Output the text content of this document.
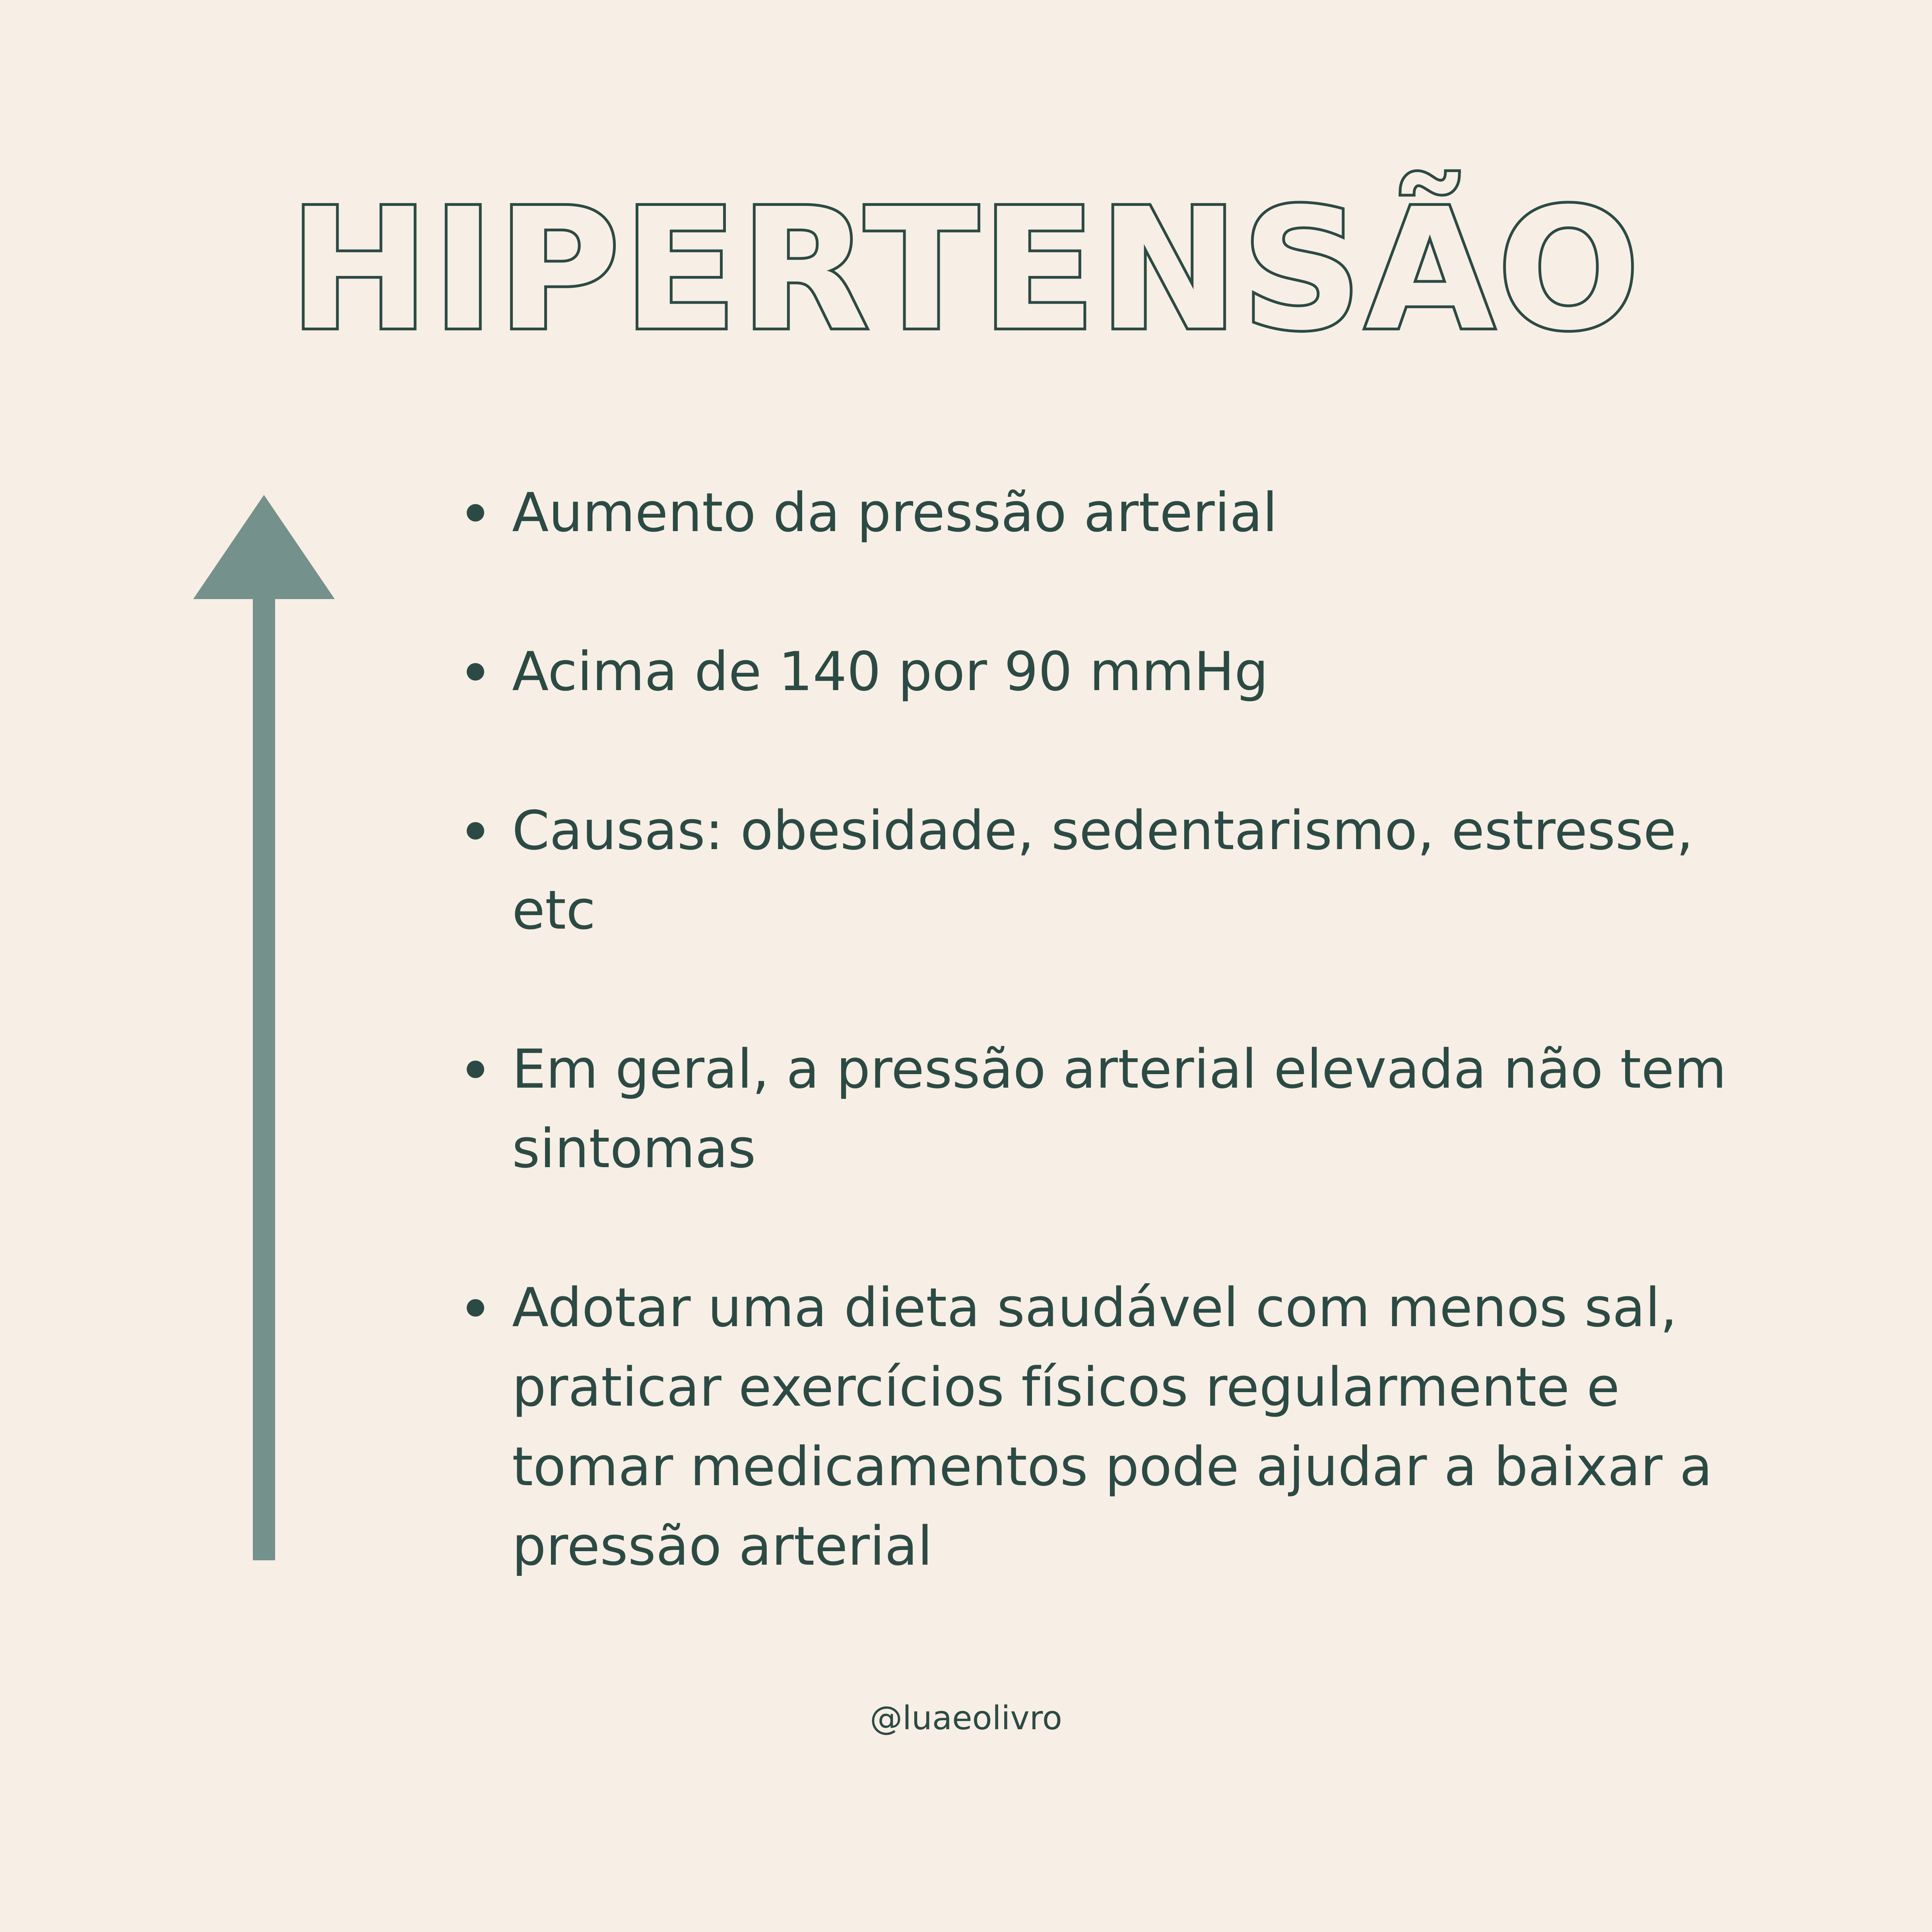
HIPERTENSÃO
Aumento da pressão arterial
Acima de 140 por 90 mmHg
Causas: obesidade, sedentarismo, estresse, etc
Em geral, a pressão arterial elevada não tem sintomas
Adotar uma dieta saudável com menos sal, praticar exercícios físicos regularmente e tomar medicamentos pode ajudar a baixar a pressão arterial
@luaeolivro
